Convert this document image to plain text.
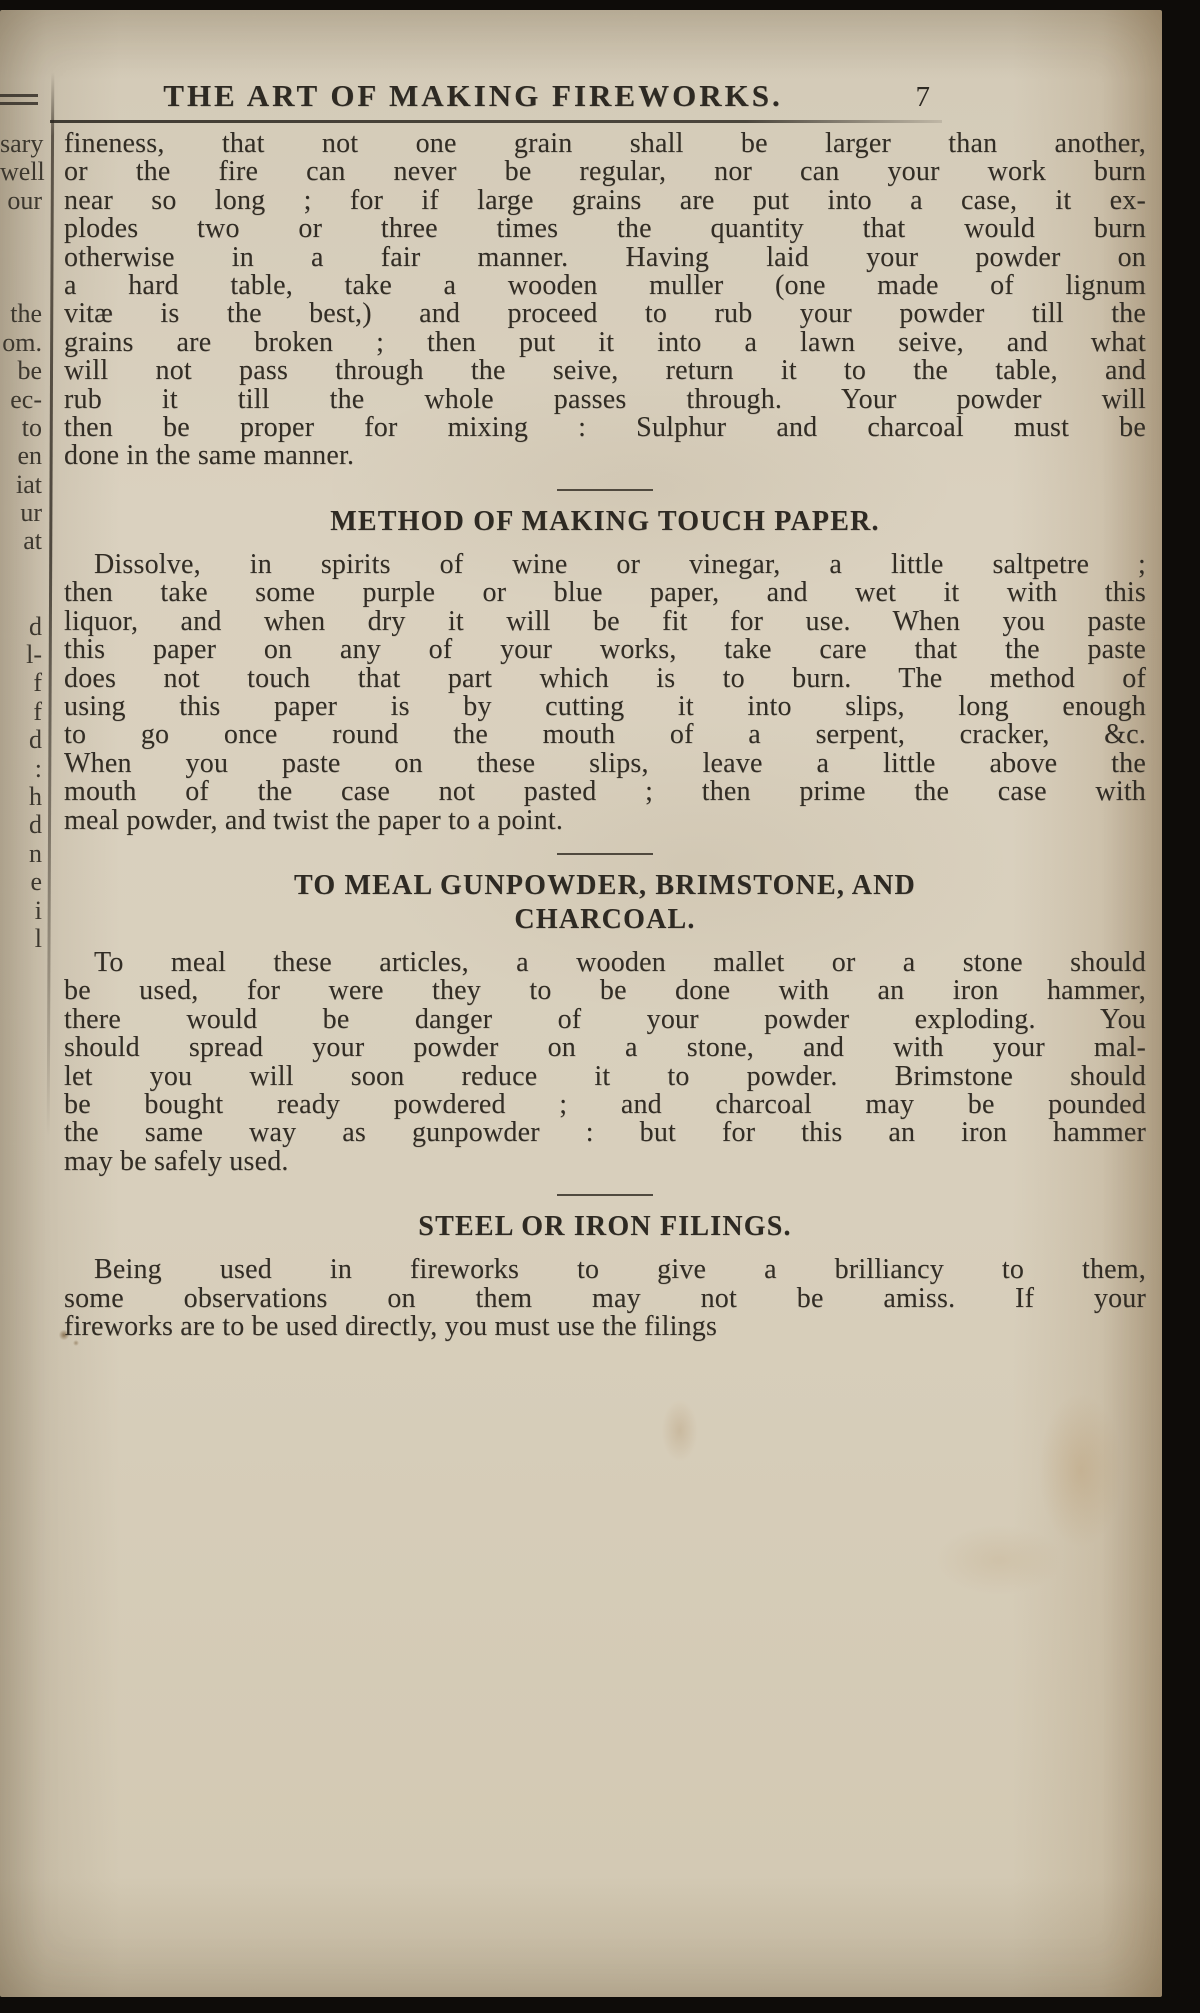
sary
well
our
the
om.
be
ec-
to
en
iat
ur
at
d
l-
f
f
d
:
h
d
n
e
i
l
THE ART OF MAKING FIREWORKS.	7
fineness, that not one grain shall be larger than another,
or the fire can never be regular, nor can your work burn
near so long ; for if large grains are put into a case, it ex-
plodes two or three times the quantity that would burn
otherwise in a fair manner. Having laid your powder on
a hard table, take a wooden muller (one made of lignum
vitæ is the best,) and proceed to rub your powder till the
grains are broken ; then put it into a lawn seive, and what
will not pass through the seive, return it to the table, and
rub it till the whole passes through. Your powder will
then be proper for mixing : Sulphur and charcoal must be
done in the same manner.
METHOD OF MAKING TOUCH PAPER.
Dissolve, in spirits of wine or vinegar, a little saltpetre ;
then take some purple or blue paper, and wet it with this
liquor, and when dry it will be fit for use. When you paste
this paper on any of your works, take care that the paste
does not touch that part which is to burn. The method of
using this paper is by cutting it into slips, long enough
to go once round the mouth of a serpent, cracker, &c.
When you paste on these slips, leave a little above the
mouth of the case not pasted ; then prime the case with
meal powder, and twist the paper to a point.
TO MEAL GUNPOWDER, BRIMSTONE, AND CHARCOAL.
To meal these articles, a wooden mallet or a stone should
be used, for were they to be done with an iron hammer,
there would be danger of your powder exploding. You
should spread your powder on a stone, and with your mal-
let you will soon reduce it to powder. Brimstone should
be bought ready powdered ; and charcoal may be pounded
the same way as gunpowder : but for this an iron hammer
may be safely used.
STEEL OR IRON FILINGS.
Being used in fireworks to give a brilliancy to them,
some observations on them may not be amiss. If your
fireworks are to be used directly, you must use the filings
